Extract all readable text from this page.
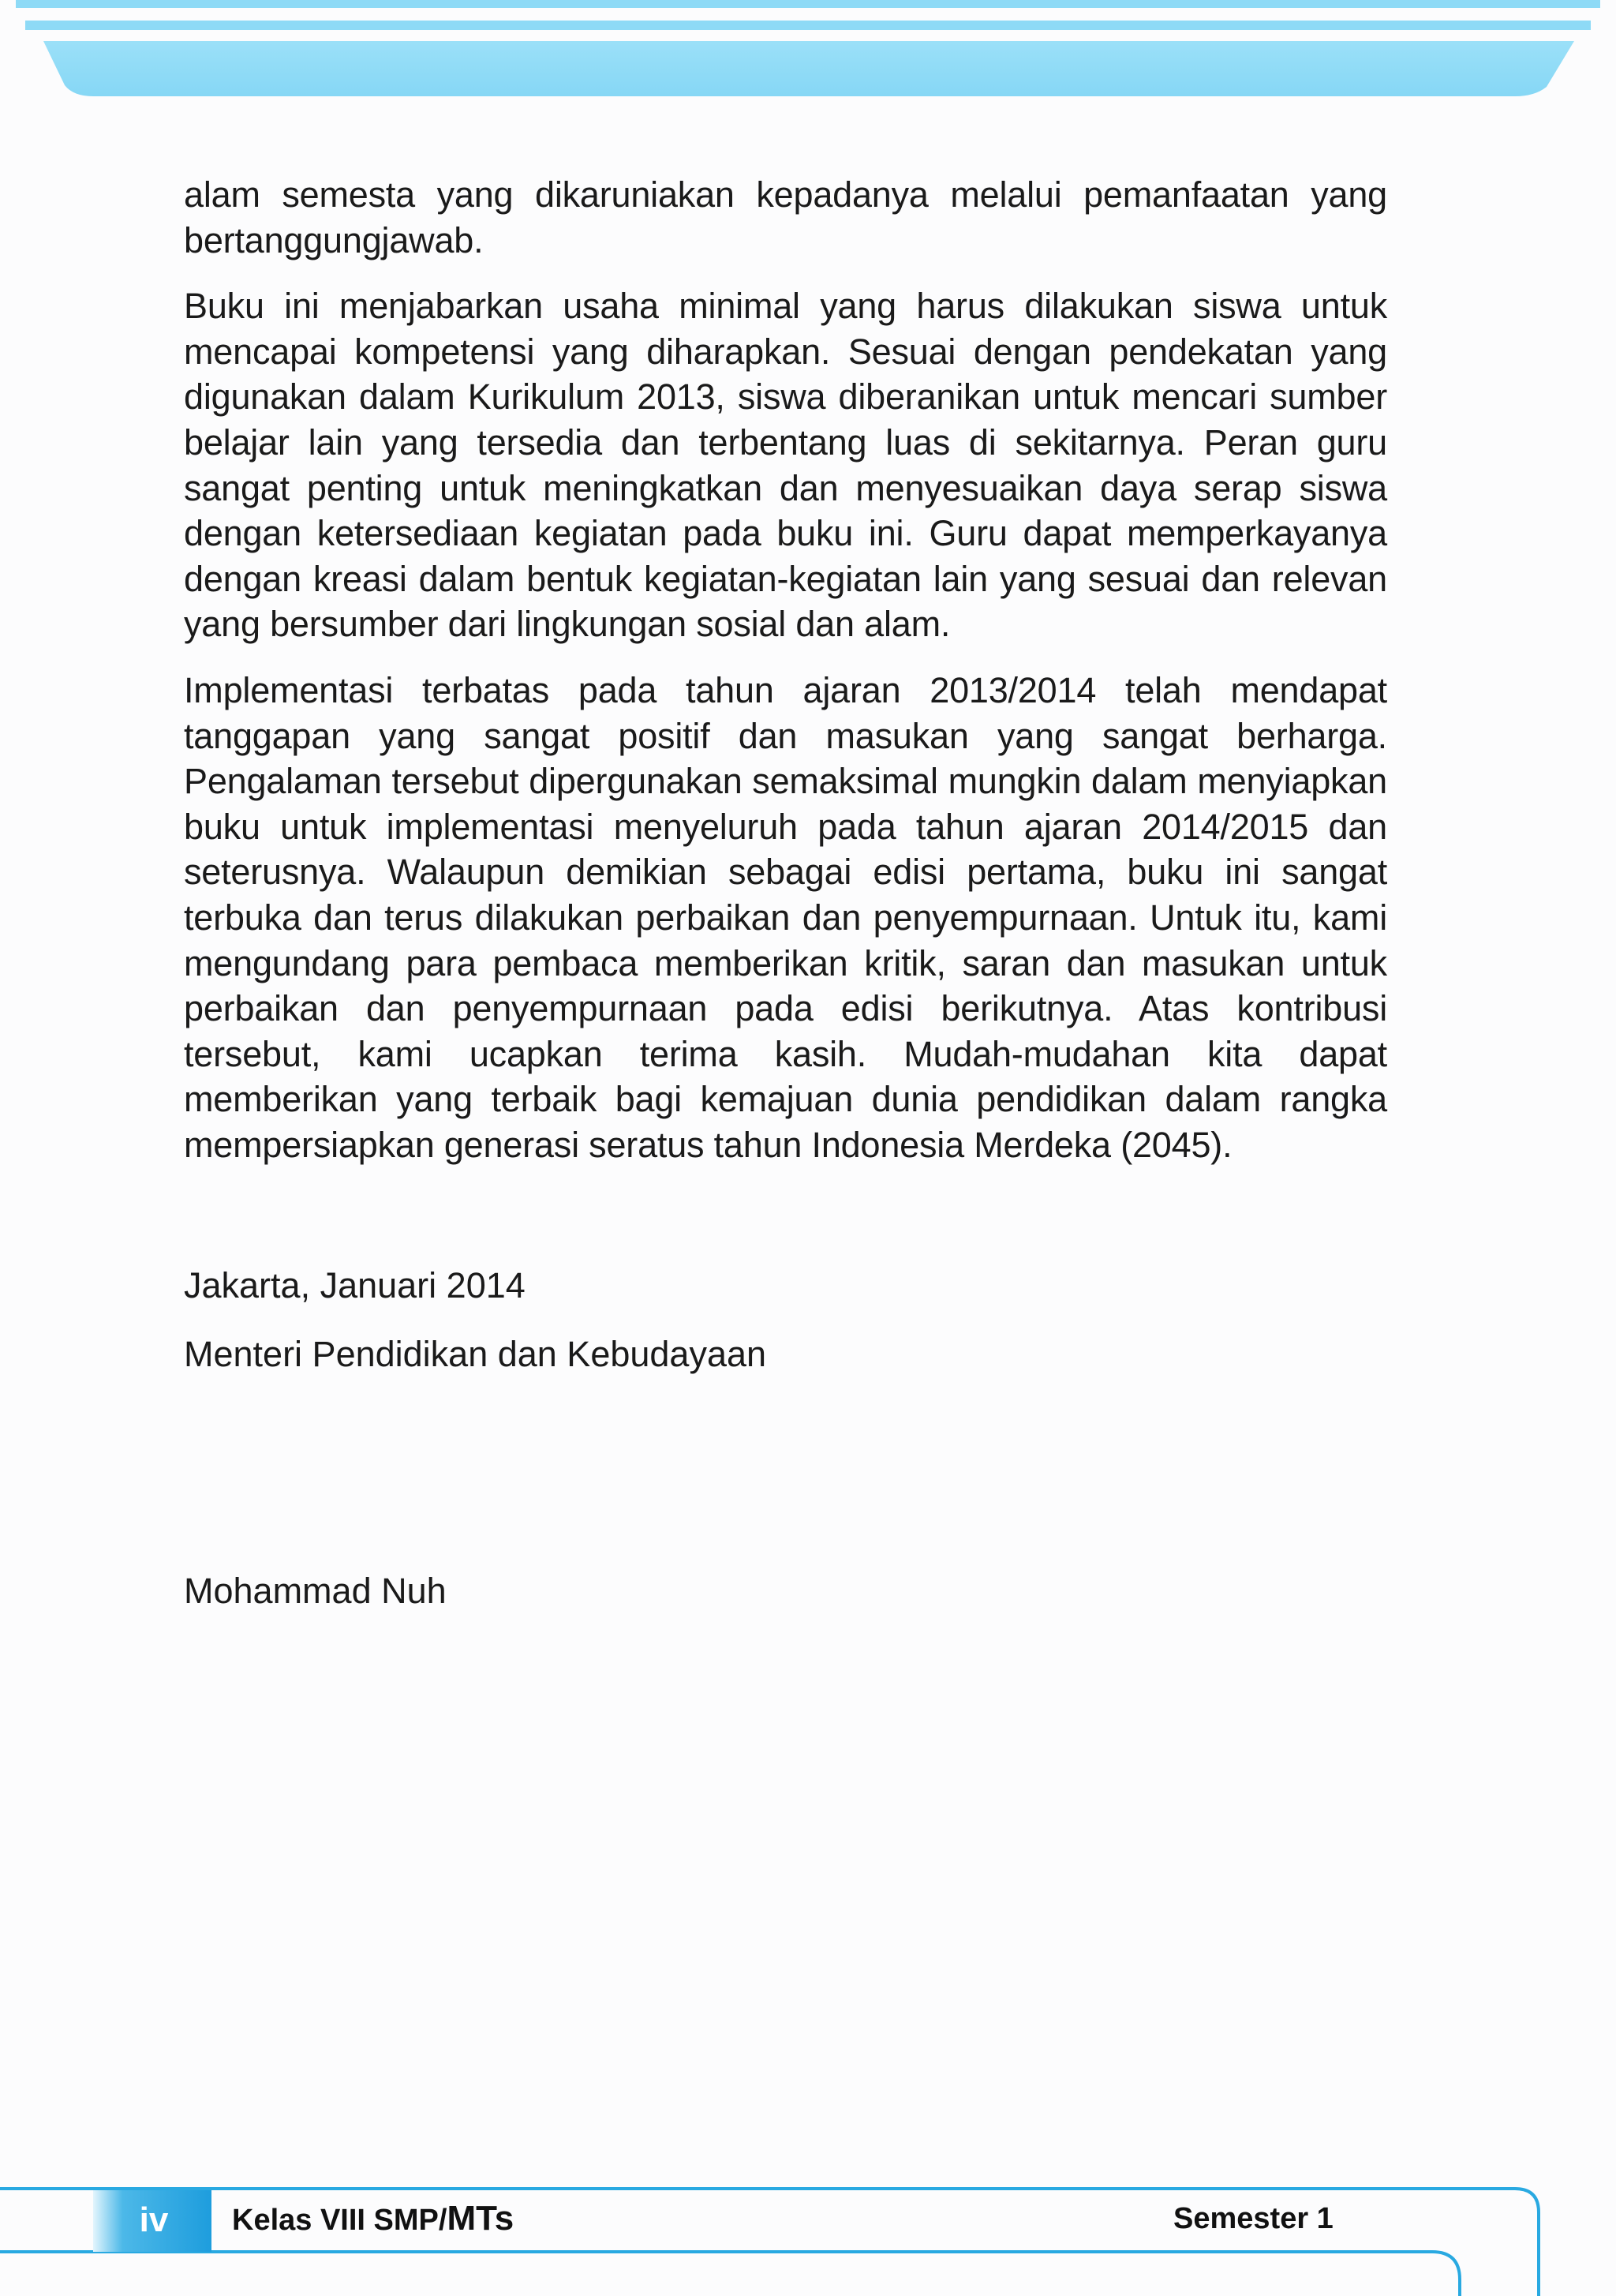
alam semesta yang dikaruniakan kepadanya melalui pemanfaatan yang bertanggungjawab.

Buku ini menjabarkan usaha minimal yang harus dilakukan siswa untuk mencapai kompetensi yang diharapkan. Sesuai dengan pendekatan yang digunakan dalam Kurikulum 2013, siswa diberanikan untuk mencari sumber belajar lain yang tersedia dan terbentang luas di sekitarnya. Peran guru sangat penting untuk meningkatkan dan menyesuaikan daya serap siswa dengan ketersediaan kegiatan pada buku ini. Guru dapat memperkayanya dengan kreasi dalam bentuk kegiatan-kegiatan lain yang sesuai dan relevan yang bersumber dari lingkungan sosial dan alam.

Implementasi terbatas pada tahun ajaran 2013/2014 telah mendapat tanggapan yang sangat positif dan masukan yang sangat berharga. Pengalaman tersebut dipergunakan semaksimal mungkin dalam menyiapkan buku untuk implementasi menyeluruh pada tahun ajaran 2014/2015 dan seterusnya. Walaupun demikian sebagai edisi pertama, buku ini sangat terbuka dan terus dilakukan perbaikan dan penyempurnaan. Untuk itu, kami mengundang para pembaca memberikan kritik, saran dan masukan untuk perbaikan dan penyempurnaan pada edisi berikutnya. Atas kontribusi tersebut, kami ucapkan terima kasih. Mudah-mudahan kita dapat memberikan yang terbaik bagi kemajuan dunia pendidikan dalam rangka mempersiapkan generasi seratus tahun Indonesia Merdeka (2045).

Jakarta, Januari 2014
Menteri Pendidikan dan Kebudayaan
Mohammad Nuh
iv	Kelas VIII SMP/MTs	Semester 1
